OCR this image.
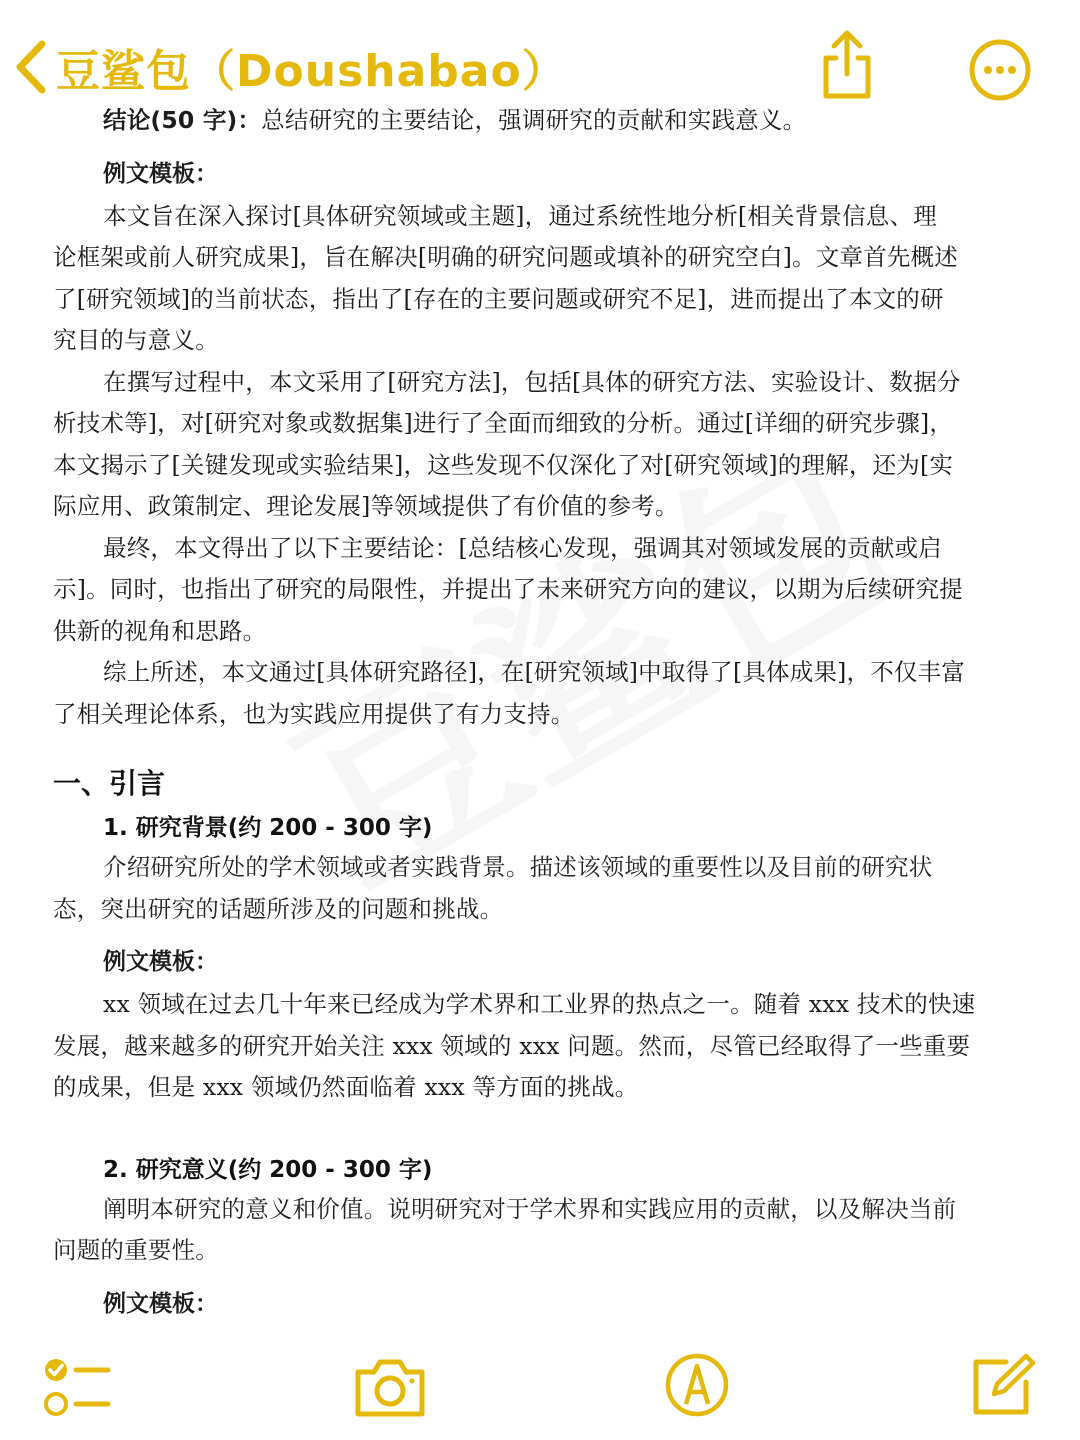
豆鲨包（Doushabao）
结论(50 字)：总结研究的主要结论，强调研究的贡献和实践意义。
例文模板：
本文旨在深入探讨[具体研究领域或主题]，通过系统性地分析[相关背景信息、理
论框架或前人研究成果]，旨在解决[明确的研究问题或填补的研究空白]。文章首先概述
了[研究领域]的当前状态，指出了[存在的主要问题或研究不足]，进而提出了本文的研
究目的与意义。
在撰写过程中，本文采用了[研究方法]，包括[具体的研究方法、实验设计、数据分
析技术等]，对[研究对象或数据集]进行了全面而细致的分析。通过[详细的研究步骤]，
本文揭示了[关键发现或实验结果]，这些发现不仅深化了对[研究领域]的理解，还为[实
际应用、政策制定、理论发展]等领域提供了有价值的参考。
最终，本文得出了以下主要结论：[总结核心发现，强调其对领域发展的贡献或启
示]。同时，也指出了研究的局限性，并提出了未来研究方向的建议，以期为后续研究提
供新的视角和思路。
综上所述，本文通过[具体研究路径]，在[研究领域]中取得了[具体成果]，不仅丰富
了相关理论体系，也为实践应用提供了有力支持。
一、引言
1. 研究背景(约 200 - 300 字)
介绍研究所处的学术领域或者实践背景。描述该领域的重要性以及目前的研究状
态，突出研究的话题所涉及的问题和挑战。
例文模板：
xx 领域在过去几十年来已经成为学术界和工业界的热点之一。随着 xxx 技术的快速
发展，越来越多的研究开始关注 xxx 领域的 xxx 问题。然而，尽管已经取得了一些重要
的成果，但是 xxx 领域仍然面临着 xxx 等方面的挑战。
2. 研究意义(约 200 - 300 字)
阐明本研究的意义和价值。说明研究对于学术界和实践应用的贡献，以及解决当前
问题的重要性。
例文模板：
